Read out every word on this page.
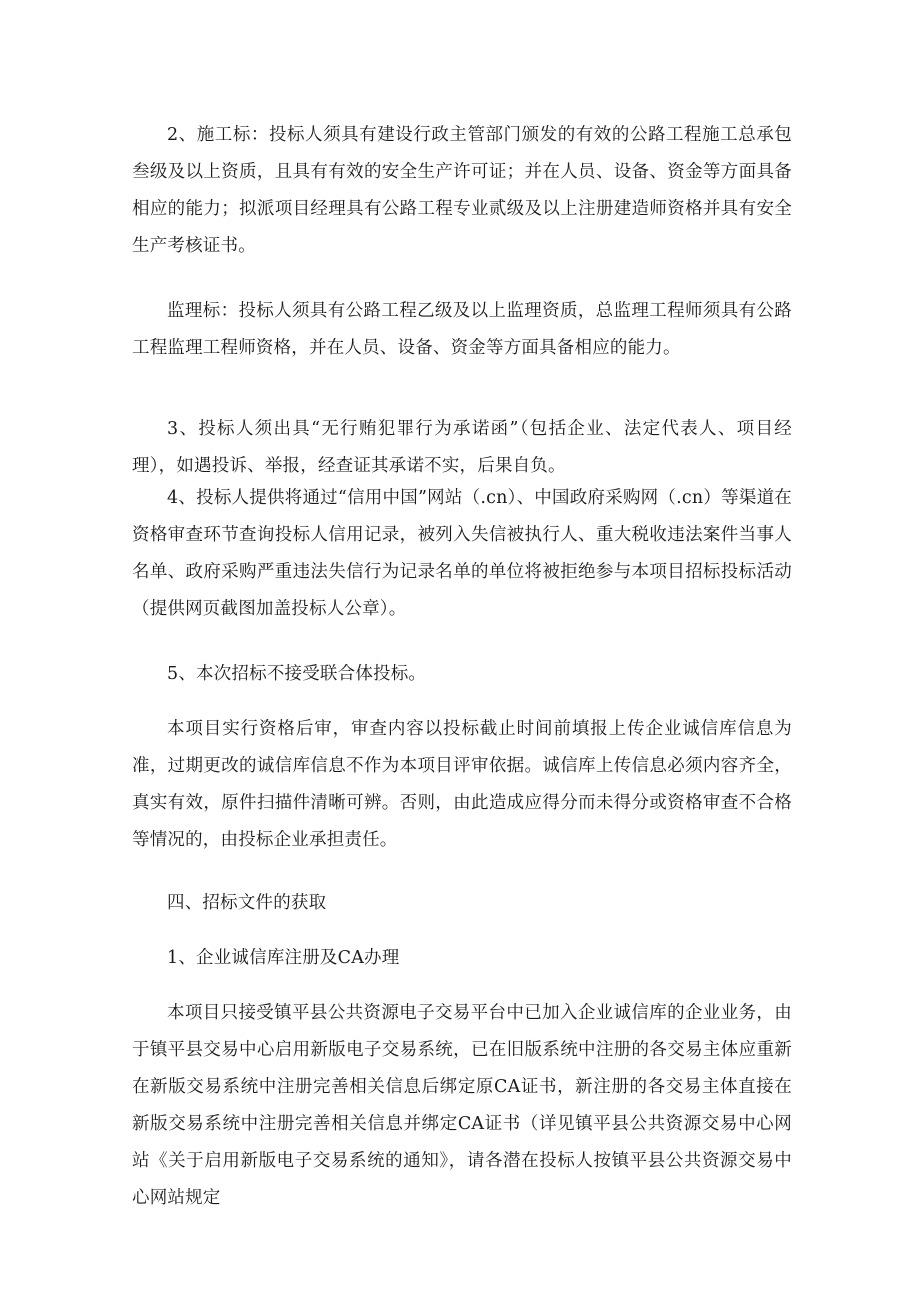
2、施工标：投标人须具有建设行政主管部门颁发的有效的公路工程施工总承包叁级及以上资质，且具有有效的安全生产许可证；并在人员、设备、资金等方面具备相应的能力；拟派项目经理具有公路工程专业贰级及以上注册建造师资格并具有安全生产考核证书。

监理标：投标人须具有公路工程乙级及以上监理资质，总监理工程师须具有公路工程监理工程师资格，并在人员、设备、资金等方面具备相应的能力。

3、投标人须出具“无行贿犯罪行为承诺函”（包括企业、法定代表人、项目经理），如遇投诉、举报，经查证其承诺不实，后果自负。

4、投标人提供将通过“信用中国”网站（.cn）、中国政府采购网（.cn）等渠道在资格审查环节查询投标人信用记录，被列入失信被执行人、重大税收违法案件当事人名单、政府采购严重违法失信行为记录名单的单位将被拒绝参与本项目招标投标活动（提供网页截图加盖投标人公章）。

5、本次招标不接受联合体投标。

本项目实行资格后审，审查内容以投标截止时间前填报上传企业诚信库信息为准，过期更改的诚信库信息不作为本项目评审依据。诚信库上传信息必须内容齐全，真实有效，原件扫描件清晰可辨。否则，由此造成应得分而未得分或资格审查不合格等情况的，由投标企业承担责任。

四、招标文件的获取

1、企业诚信库注册及CA办理

本项目只接受镇平县公共资源电子交易平台中已加入企业诚信库的企业业务，由于镇平县交易中心启用新版电子交易系统，已在旧版系统中注册的各交易主体应重新在新版交易系统中注册完善相关信息后绑定原CA证书，新注册的各交易主体直接在新版交易系统中注册完善相关信息并绑定CA证书（详见镇平县公共资源交易中心网站《关于启用新版电子交易系统的通知》，请各潜在投标人按镇平县公共资源交易中心网站规定
